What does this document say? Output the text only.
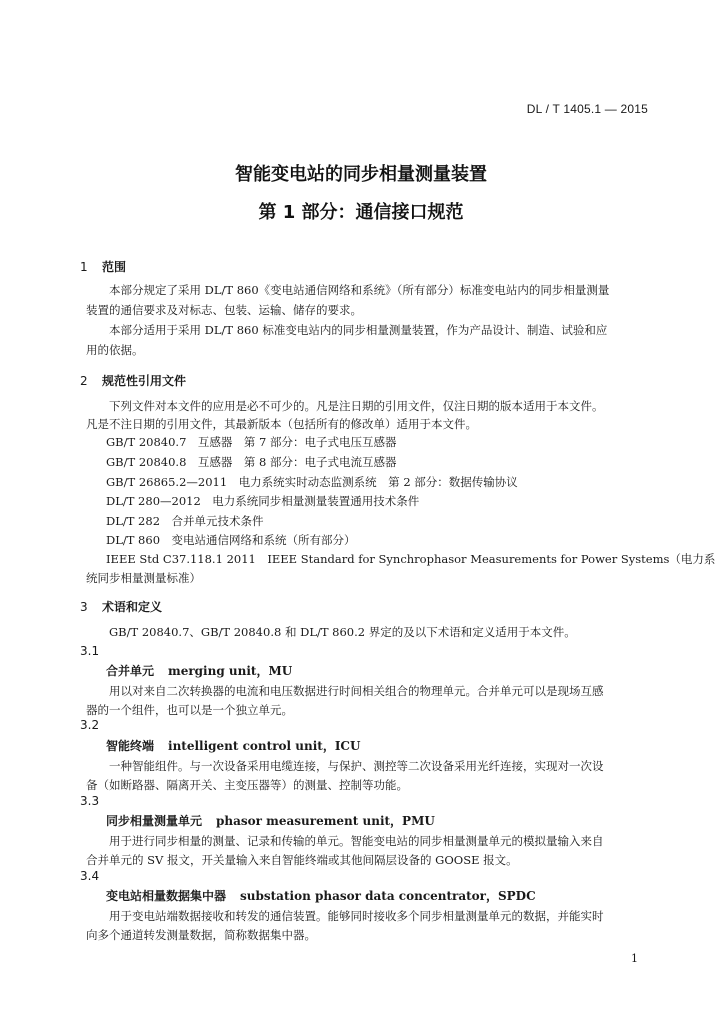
DL / T 1405.1 — 2015
智能变电站的同步相量测量装置
第 1 部分：通信接口规范
1 范围
本部分规定了采用 DL/T 860《变电站通信网络和系统》（所有部分）标准变电站内的同步相量测量
装置的通信要求及对标志、包装、运输、储存的要求。
本部分适用于采用 DL/T 860 标准变电站内的同步相量测量装置，作为产品设计、制造、试验和应
用的依据。
2 规范性引用文件
下列文件对本文件的应用是必不可少的。凡是注日期的引用文件，仅注日期的版本适用于本文件。
凡是不注日期的引用文件，其最新版本（包括所有的修改单）适用于本文件。
GB/T 20840.7　互感器　第 7 部分：电子式电压互感器
GB/T 20840.8　互感器　第 8 部分：电子式电流互感器
GB/T 26865.2—2011　电力系统实时动态监测系统　第 2 部分：数据传输协议
DL/T 280—2012　电力系统同步相量测量装置通用技术条件
DL/T 282　合并单元技术条件
DL/T 860　变电站通信网络和系统（所有部分）
IEEE Std C37.118.1 2011　IEEE Standard for Synchrophasor Measurements for Power Systems（电力系
统同步相量测量标准）
3 术语和定义
GB/T 20840.7、GB/T 20840.8 和 DL/T 860.2 界定的及以下术语和定义适用于本文件。
3.1
合并单元 merging unit，MU
用以对来自二次转换器的电流和电压数据进行时间相关组合的物理单元。合并单元可以是现场互感
器的一个组件，也可以是一个独立单元。
3.2
智能终端 intelligent control unit，ICU
一种智能组件。与一次设备采用电缆连接，与保护、测控等二次设备采用光纤连接，实现对一次设
备（如断路器、隔离开关、主变压器等）的测量、控制等功能。
3.3
同步相量测量单元 phasor measurement unit，PMU
用于进行同步相量的测量、记录和传输的单元。智能变电站的同步相量测量单元的模拟量输入来自
合并单元的 SV 报文，开关量输入来自智能终端或其他间隔层设备的 GOOSE 报文。
3.4
变电站相量数据集中器 substation phasor data concentrator，SPDC
用于变电站端数据接收和转发的通信装置。能够同时接收多个同步相量测量单元的数据，并能实时
向多个通道转发测量数据，简称数据集中器。
1
